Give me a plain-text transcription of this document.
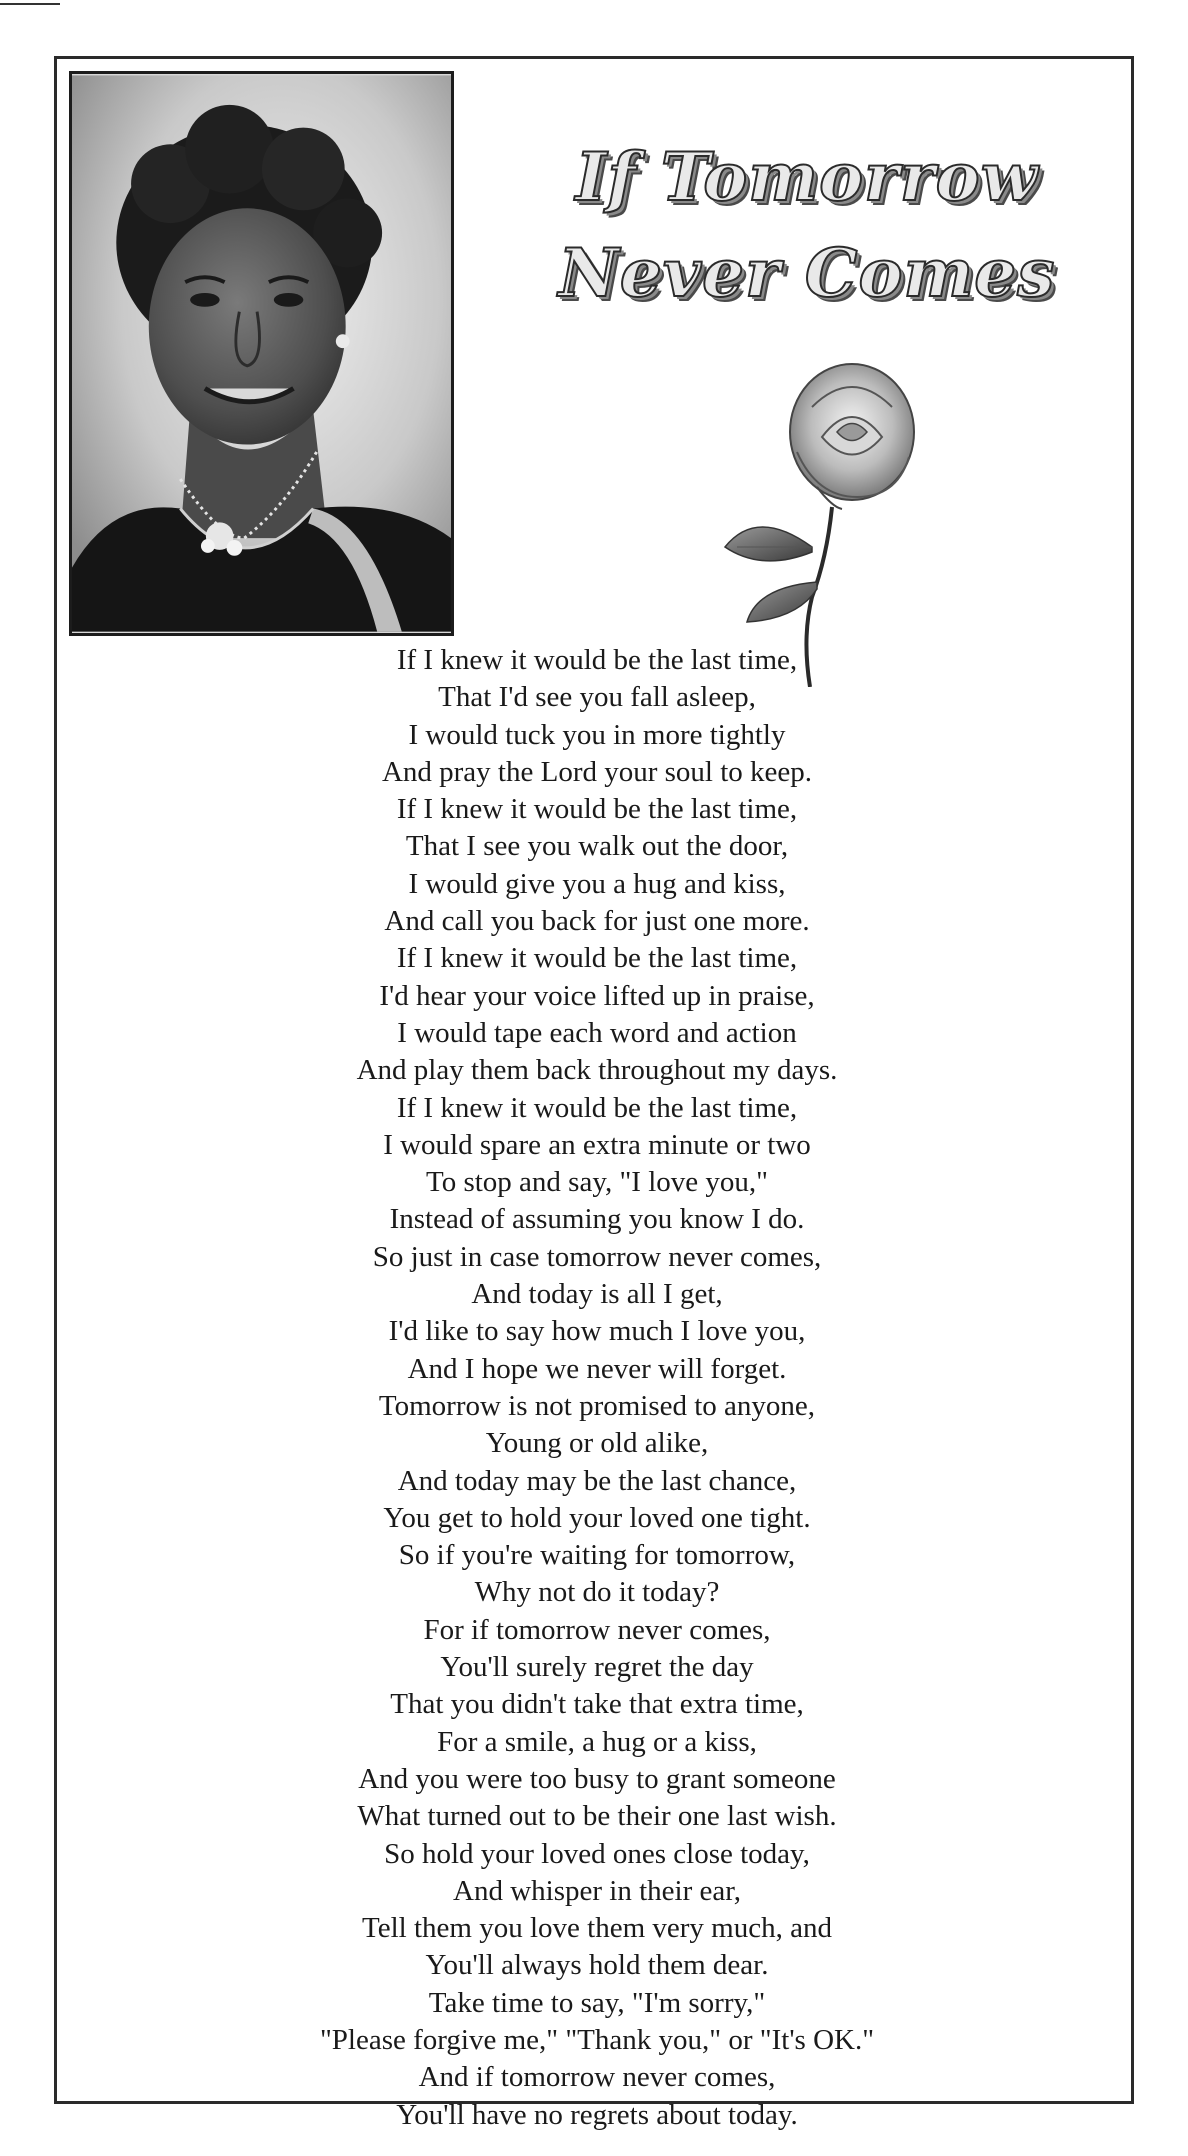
If Tomorrow
Never Comes
If I knew it would be the last time,
That I'd see you fall asleep,
I would tuck you in more tightly
And pray the Lord your soul to keep.
If I knew it would be the last time,
That I see you walk out the door,
I would give you a hug and kiss,
And call you back for just one more.
If I knew it would be the last time,
I'd hear your voice lifted up in praise,
I would tape each word and action
And play them back throughout my days.
If I knew it would be the last time,
I would spare an extra minute or two
To stop and say, "I love you,"
Instead of assuming you know I do.
So just in case tomorrow never comes,
And today is all I get,
I'd like to say how much I love you,
And I hope we never will forget.
Tomorrow is not promised to anyone,
Young or old alike,
And today may be the last chance,
You get to hold your loved one tight.
So if you're waiting for tomorrow,
Why not do it today?
For if tomorrow never comes,
You'll surely regret the day
That you didn't take that extra time,
For a smile, a hug or a kiss,
And you were too busy to grant someone
What turned out to be their one last wish.
So hold your loved ones close today,
And whisper in their ear,
Tell them you love them very much, and
You'll always hold them dear.
Take time to say, "I'm sorry,"
"Please forgive me," "Thank you," or "It's OK."
And if tomorrow never comes,
You'll have no regrets about today.
